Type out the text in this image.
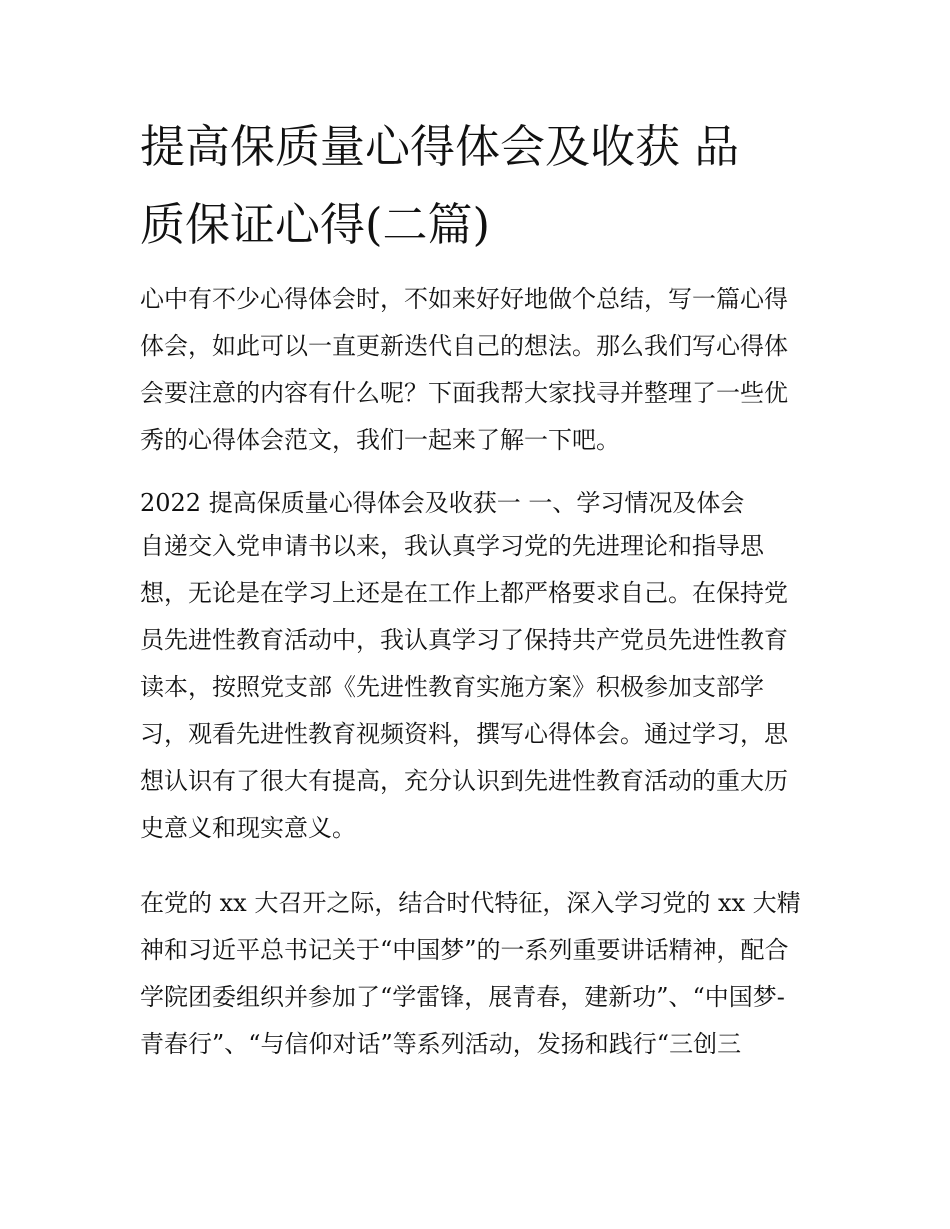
提高保质量心得体会及收获 品
质保证心得(二篇)

心中有不少心得体会时，不如来好好地做个总结，写一篇心得
体会，如此可以一直更新迭代自己的想法。那么我们写心得体
会要注意的内容有什么呢？下面我帮大家找寻并整理了一些优
秀的心得体会范文，我们一起来了解一下吧。

2022 提高保质量心得体会及收获一 一、学习情况及体会

自递交入党申请书以来，我认真学习党的先进理论和指导思
想，无论是在学习上还是在工作上都严格要求自己。在保持党
员先进性教育活动中，我认真学习了保持共产党员先进性教育
读本，按照党支部《先进性教育实施方案》积极参加支部学
习，观看先进性教育视频资料，撰写心得体会。通过学习，思
想认识有了很大有提高，充分认识到先进性教育活动的重大历
史意义和现实意义。

在党的 xx 大召开之际，结合时代特征，深入学习党的 xx 大精
神和习近平总书记关于“中国梦”的一系列重要讲话精神，配合
学院团委组织并参加了“学雷锋，展青春，建新功”、“中国梦-
青春行”、“与信仰对话”等系列活动，发扬和践行“三创三
